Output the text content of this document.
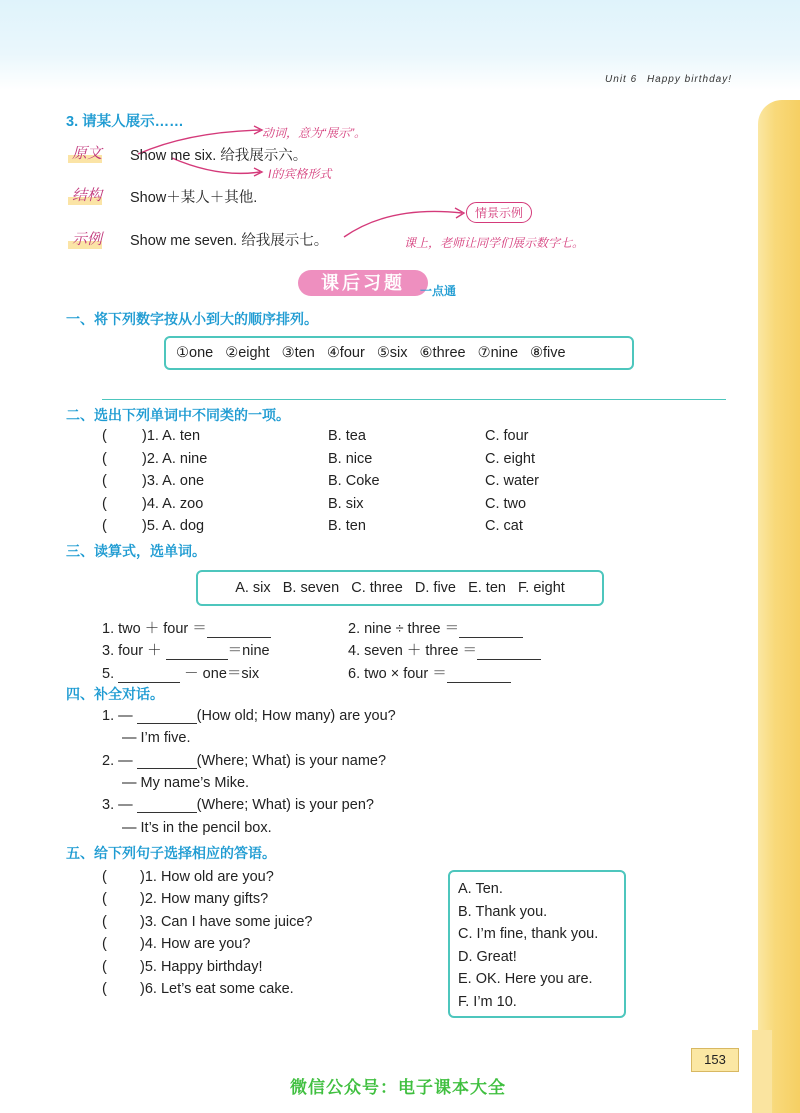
Unit 6 Happy birthday!
3. 请某人展示……
动词，意为“展示”。
原文 Show me six. 给我展示六。
I的宾格形式
结构 Show＋某人＋其他.
示例 Show me seven. 给我展示七。
情景示例
课上，老师让同学们展示数字七。
课后习题	一点通
一、将下列数字按从小到大的顺序排列。
①one ②eight ③ten ④four ⑤six ⑥three ⑦nine ⑧five
二、选出下列单词中不同类的一项。
( )1. A. ten	B. tea	C. four
( )2. A. nine	B. nice	C. eight
( )3. A. one	B. Coke	C. water
( )4. A. zoo	B. six	C. two
( )5. A. dog	B. ten	C. cat
三、读算式，选单词。
A. six   B. seven   C. three   D. five   E. ten   F. eight
1. two ＋ four ＝	2. nine ÷ three ＝
3. four ＋	＝nine	4. seven ＋ three ＝
5.	－ one＝six	6. two × four ＝
四、补全对话。
1. —	(How old; How many) are you?
— I’m five.
2. —	(Where; What) is your name?
— My name’s Mike.
3. —	(Where; What) is your pen?
— It’s in the pencil box.
五、给下列句子选择相应的答语。
( )1. How old are you?
( )2. How many gifts?
( )3. Can I have some juice?
( )4. How are you?
( )5. Happy birthday!
( )6. Let’s eat some cake.
A. Ten.
B. Thank you.
C. I’m fine, thank you.
D. Great!
E. OK. Here you are.
F. I’m 10.
153
微信公众号：电子课本大全
